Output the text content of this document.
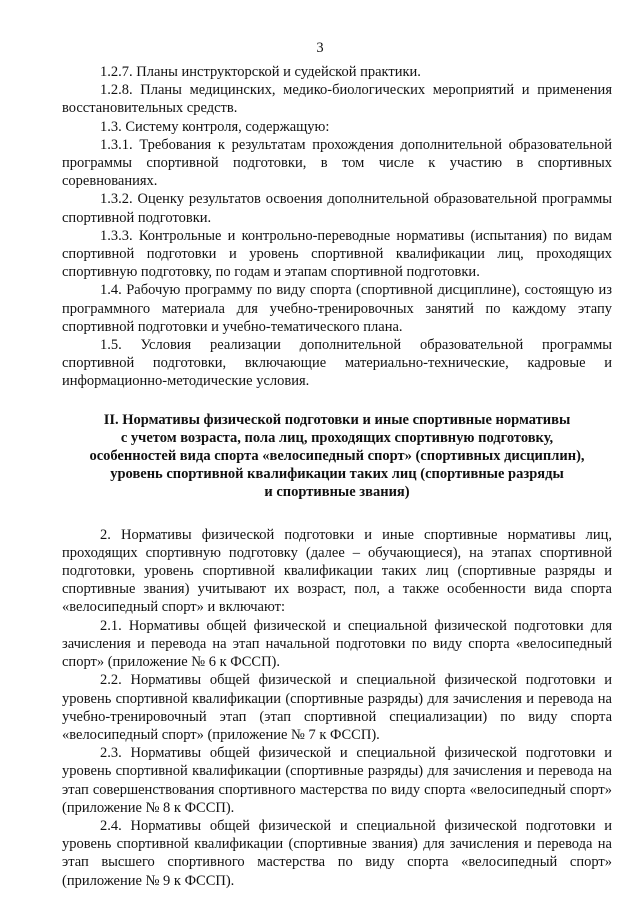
3

1.2.7. Планы инструкторской и судейской практики.

1.2.8. Планы медицинских, медико-биологических мероприятий и применения восстановительных средств.

1.3. Систему контроля, содержащую:

1.3.1. Требования к результатам прохождения дополнительной образовательной программы спортивной подготовки, в том числе к участию в спортивных соревнованиях.

1.3.2. Оценку результатов освоения дополнительной образовательной программы спортивной подготовки.

1.3.3. Контрольные и контрольно-переводные нормативы (испытания) по видам спортивной подготовки и уровень спортивной квалификации лиц, проходящих спортивную подготовку, по годам и этапам спортивной подготовки.

1.4. Рабочую программу по виду спорта (спортивной дисциплине), состоящую из программного материала для учебно-тренировочных занятий по каждому этапу спортивной подготовки и учебно-тематического плана.

1.5. Условия реализации дополнительной образовательной программы спортивной подготовки, включающие материально-технические, кадровые и информационно-методические условия.

II. Нормативы физической подготовки и иные спортивные нормативы
с учетом возраста, пола лиц, проходящих спортивную подготовку,
особенностей вида спорта «велосипедный спорт» (спортивных дисциплин),
уровень спортивной квалификации таких лиц (спортивные разряды
и спортивные звания)

2. Нормативы физической подготовки и иные спортивные нормативы лиц, проходящих спортивную подготовку (далее – обучающиеся), на этапах спортивной подготовки, уровень спортивной квалификации таких лиц (спортивные разряды и спортивные звания) учитывают их возраст, пол, а также особенности вида спорта «велосипедный спорт» и включают:

2.1. Нормативы общей физической и специальной физической подготовки для зачисления и перевода на этап начальной подготовки по виду спорта «велосипедный спорт» (приложение № 6 к ФССП).

2.2. Нормативы общей физической и специальной физической подготовки и уровень спортивной квалификации (спортивные разряды) для зачисления и перевода на учебно-тренировочный этап (этап спортивной специализации) по виду спорта «велосипедный спорт» (приложение № 7 к ФССП).

2.3. Нормативы общей физической и специальной физической подготовки и уровень спортивной квалификации (спортивные разряды) для зачисления и перевода на этап совершенствования спортивного мастерства по виду спорта «велосипедный спорт» (приложение № 8 к ФССП).

2.4. Нормативы общей физической и специальной физической подготовки и уровень спортивной квалификации (спортивные звания) для зачисления и перевода на этап высшего спортивного мастерства по виду спорта «велосипедный спорт» (приложение № 9 к ФССП).
